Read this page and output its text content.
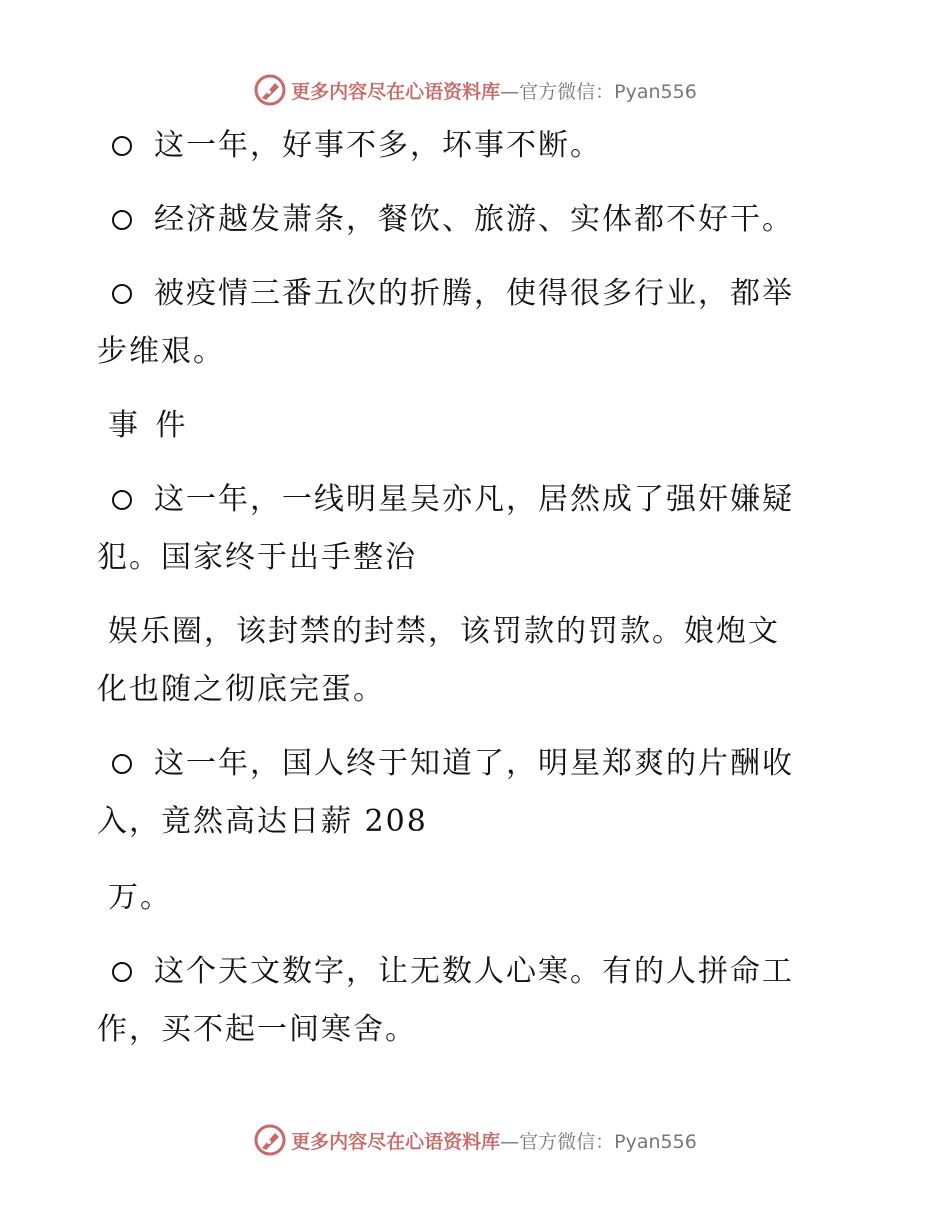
更多内容尽在心语资料库 —官方微信：Pyan556
这一年，好事不多，坏事不断。
经济越发萧条，餐饮、旅游、实体都不好干。
被疫情三番五次的折腾，使得很多行业，都举
步维艰。
事 件
这一年，一线明星吴亦凡，居然成了强奸嫌疑
犯。国家终于出手整治
娱乐圈，该封禁的封禁，该罚款的罚款。娘炮文
化也随之彻底完蛋。
这一年，国人终于知道了，明星郑爽的片酬收
入，竟然高达日薪 208
万。
这个天文数字，让无数人心寒。有的人拼命工
作，买不起一间寒舍。
更多内容尽在心语资料库 —官方微信：Pyan556
